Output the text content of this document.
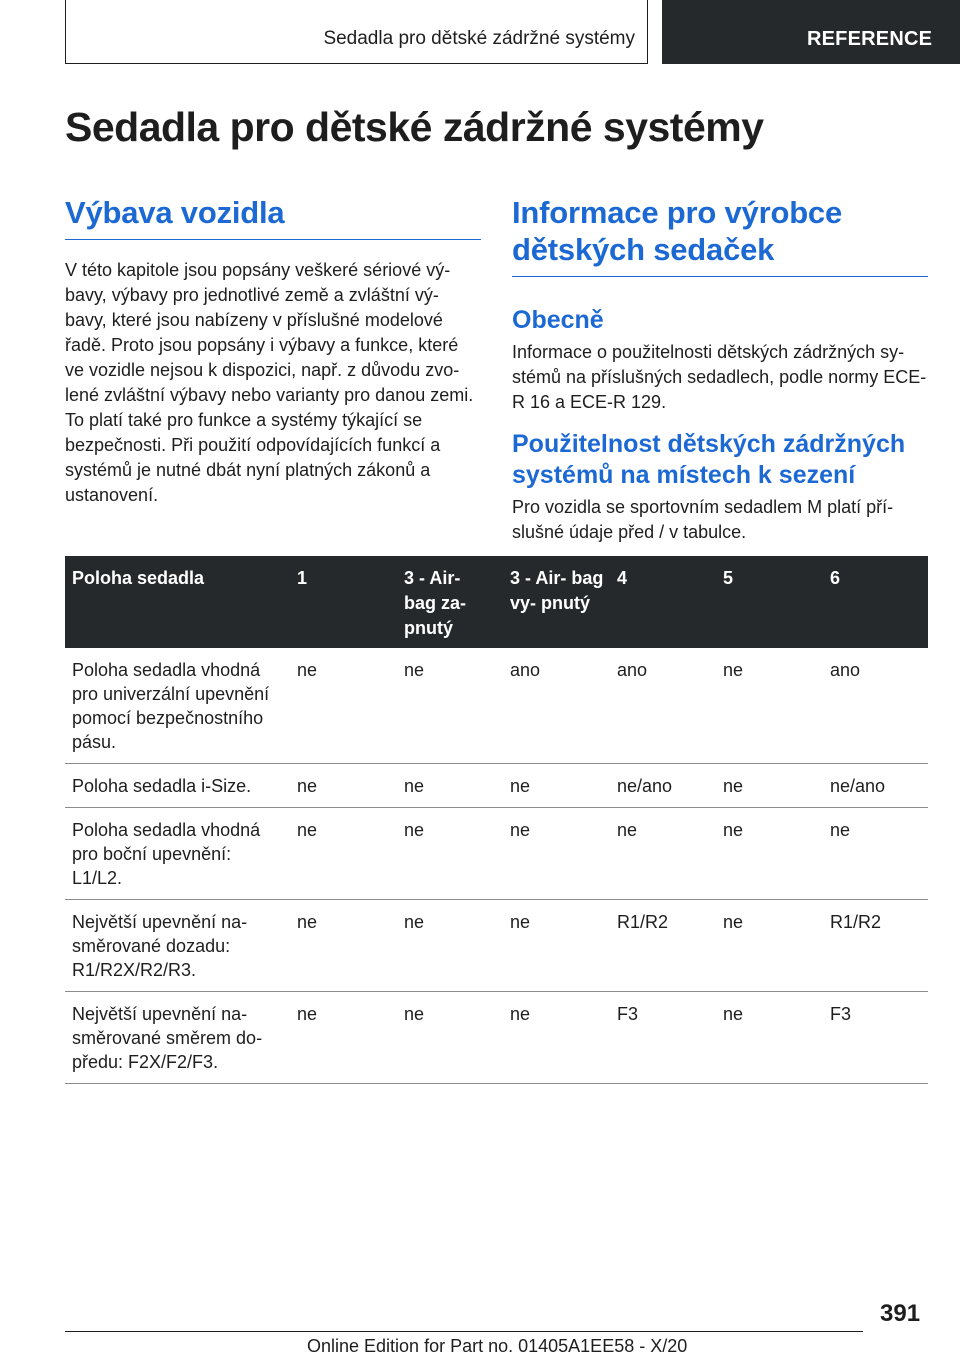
Sedadla pro dětské zádržné systémy	REFERENCE
Sedadla pro dětské zádržné systémy
Výbava vozidla

V této kapitole jsou popsány veškeré sériové vý‐ bavy, výbavy pro jednotlivé země a zvláštní vý‐ bavy, které jsou nabízeny v příslušné modelové řadě. Proto jsou popsány i výbavy a funkce, které ve vozidle nejsou k dispozici, např. z důvodu zvo‐ lené zvláštní výbavy nebo varianty pro danou zemi. To platí také pro funkce a systémy týkající se bezpečnosti. Při použití odpovídajících funkcí a systémů je nutné dbát nyní platných zákonů a ustanovení.

Informace pro výrobce dětských sedaček
Obecně

Informace o použitelnosti dětských zádržných sy‐ stémů na příslušných sedadlech, podle normy ECE-R 16 a ECE-R 129.

Použitelnost dětských zádržných systémů na místech k sezení

Pro vozidla se sportovním sedadlem M platí pří‐ slušné údaje před / v tabulce.

Poloha sedadla	1	3 - Air‐ bag za‐ pnutý	3 - Air‐ bag vy‐ pnutý	4	5	6
Poloha sedadla vhodná pro univerzální upevnění pomocí bezpečnostního pásu.	ne	ne	ano	ano	ne	ano
Poloha sedadla i-Size.	ne	ne	ne	ne/ano	ne	ne/ano
Poloha sedadla vhodná pro boční upevnění: L1/L2.	ne	ne	ne	ne	ne	ne
Největší upevnění na‐ směrované dozadu: R1/R2X/R2/R3.	ne	ne	ne	R1/R2	ne	R1/R2
Největší upevnění na‐ směrované směrem do‐ předu: F2X/F2/F3.	ne	ne	ne	F3	ne	F3
391
Online Edition for Part no. 01405A1EE58 - X/20
